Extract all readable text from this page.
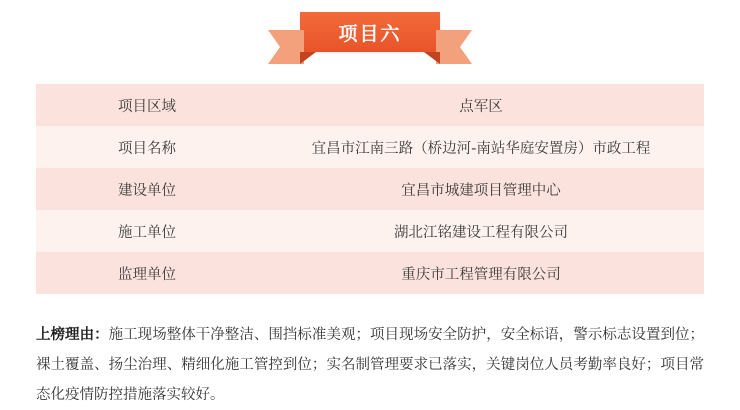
项目六
项目区域	点军区
项目名称	宜昌市江南三路（桥边河-南站华庭安置房）市政工程
建设单位	宜昌市城建项目管理中心
施工单位	湖北江铭建设工程有限公司
监理单位	重庆市工程管理有限公司

上榜理由：施工现场整体干净整洁、围挡标准美观；项目现场安全防护，安全标语，警示标志设置到位；裸土覆盖、扬尘治理、精细化施工管控到位；实名制管理要求已落实，关键岗位人员考勤率良好；项目常态化疫情防控措施落实较好。
